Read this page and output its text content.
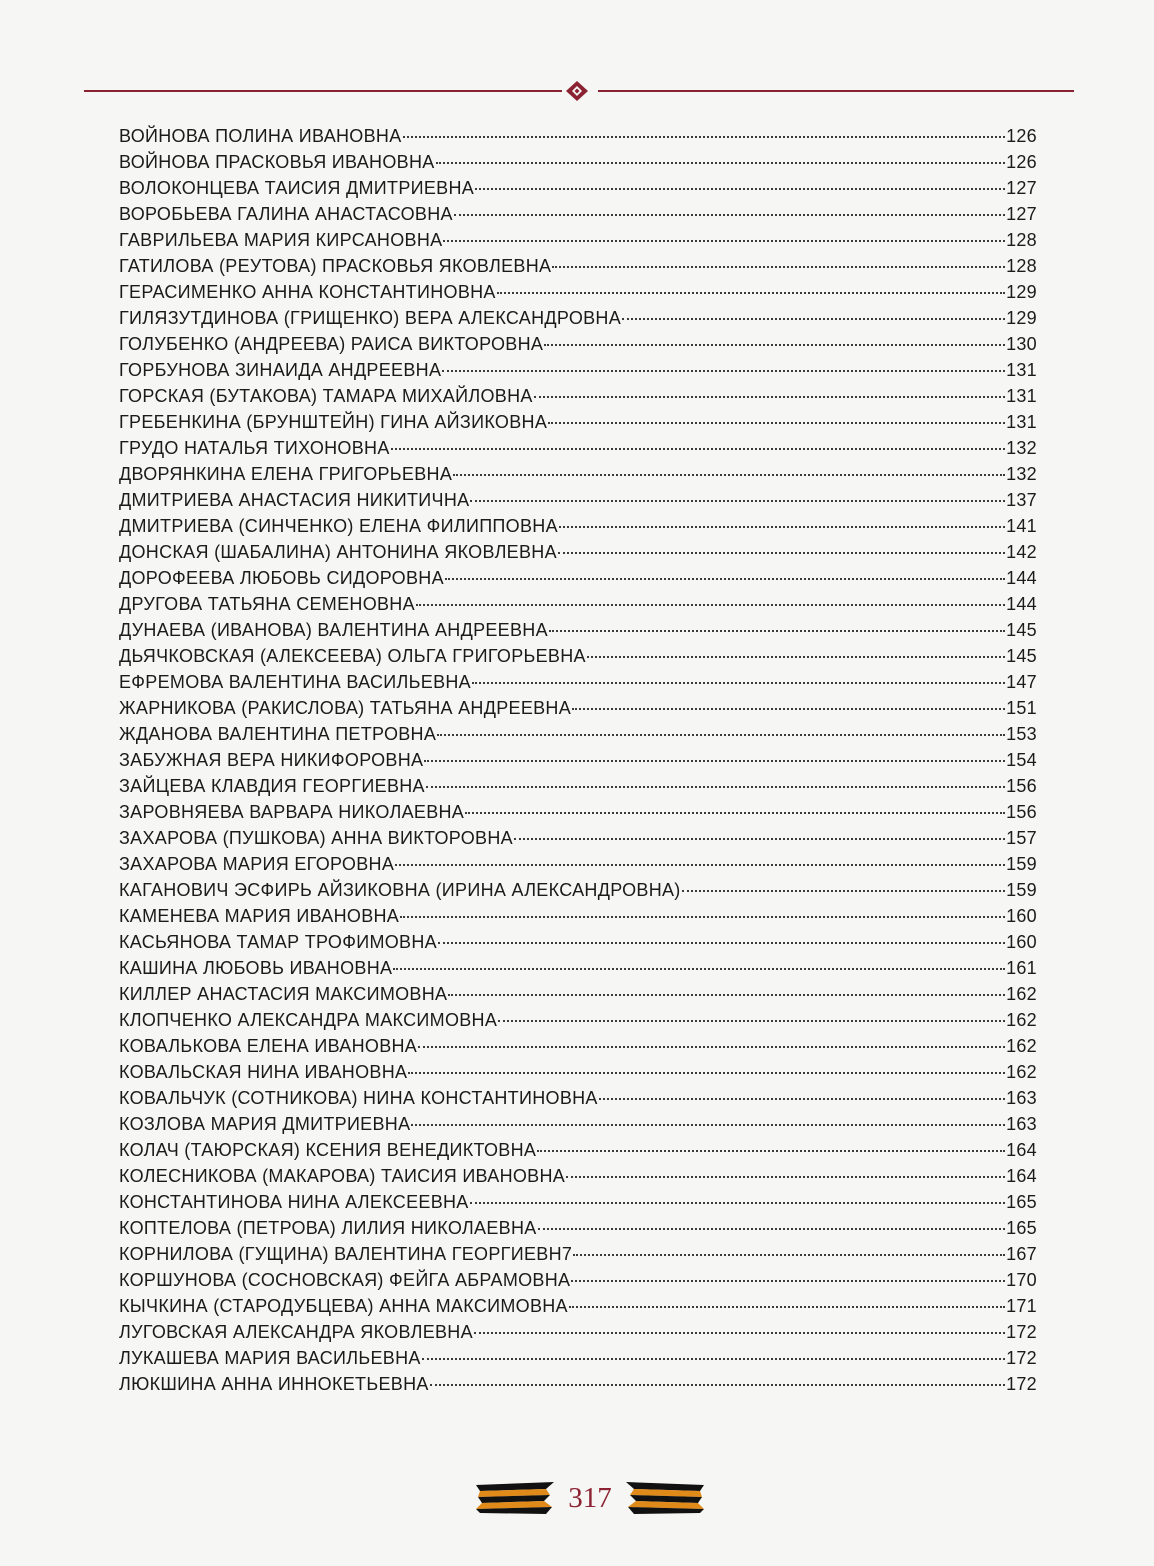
ВОЙНОВА ПОЛИНА ИВАНОВНА	126
ВОЙНОВА ПРАСКОВЬЯ ИВАНОВНА	126
ВОЛОКОНЦЕВА ТАИСИЯ ДМИТРИЕВНА	127
ВОРОБЬЕВА ГАЛИНА АНАСТАСОВНА	127
ГАВРИЛЬЕВА МАРИЯ КИРСАНОВНА	128
ГАТИЛОВА (РЕУТОВА) ПРАСКОВЬЯ ЯКОВЛЕВНА	128
ГЕРАСИМЕНКО АННА КОНСТАНТИНОВНА	129
ГИЛЯЗУТДИНОВА (ГРИЩЕНКО) ВЕРА АЛЕКСАНДРОВНА	129
ГОЛУБЕНКО (АНДРЕЕВА) РАИСА ВИКТОРОВНА	130
ГОРБУНОВА ЗИНАИДА АНДРЕЕВНА	131
ГОРСКАЯ (БУТАКОВА) ТАМАРА МИХАЙЛОВНА	131
ГРЕБЕНКИНА (БРУНШТЕЙН) ГИНА АЙЗИКОВНА	131
ГРУДО НАТАЛЬЯ ТИХОНОВНА	132
ДВОРЯНКИНА ЕЛЕНА ГРИГОРЬЕВНА	132
ДМИТРИЕВА АНАСТАСИЯ НИКИТИЧНА	137
ДМИТРИЕВА (СИНЧЕНКО) ЕЛЕНА ФИЛИППОВНА	141
ДОНСКАЯ (ШАБАЛИНА) АНТОНИНА ЯКОВЛЕВНА	142
ДОРОФЕЕВА ЛЮБОВЬ СИДОРОВНА	144
ДРУГОВА ТАТЬЯНА СЕМЕНОВНА	144
ДУНАЕВА (ИВАНОВА) ВАЛЕНТИНА АНДРЕЕВНА	145
ДЬЯЧКОВСКАЯ (АЛЕКСЕЕВА) ОЛЬГА ГРИГОРЬЕВНА	145
ЕФРЕМОВА ВАЛЕНТИНА ВАСИЛЬЕВНА	147
ЖАРНИКОВА (РАКИСЛОВА) ТАТЬЯНА АНДРЕЕВНА	151
ЖДАНОВА ВАЛЕНТИНА ПЕТРОВНА	153
ЗАБУЖНАЯ ВЕРА НИКИФОРОВНА	154
ЗАЙЦЕВА КЛАВДИЯ ГЕОРГИЕВНА	156
ЗАРОВНЯЕВА ВАРВАРА НИКОЛАЕВНА	156
ЗАХАРОВА (ПУШКОВА) АННА ВИКТОРОВНА	157
ЗАХАРОВА МАРИЯ ЕГОРОВНА	159
КАГАНОВИЧ ЭСФИРЬ АЙЗИКОВНА (ИРИНА АЛЕКСАНДРОВНА)	159
КАМЕНЕВА МАРИЯ ИВАНОВНА	160
КАСЬЯНОВА ТАМАР ТРОФИМОВНА	160
КАШИНА ЛЮБОВЬ ИВАНОВНА	161
КИЛЛЕР АНАСТАСИЯ МАКСИМОВНА	162
КЛОПЧЕНКО АЛЕКСАНДРА МАКСИМОВНА	162
КОВАЛЬКОВА ЕЛЕНА ИВАНОВНА	162
КОВАЛЬСКАЯ НИНА ИВАНОВНА	162
КОВАЛЬЧУК (СОТНИКОВА) НИНА КОНСТАНТИНОВНА	163
КОЗЛОВА МАРИЯ ДМИТРИЕВНА	163
КОЛАЧ (ТАЮРСКАЯ) КСЕНИЯ ВЕНЕДИКТОВНА	164
КОЛЕСНИКОВА (МАКАРОВА) ТАИСИЯ ИВАНОВНА	164
КОНСТАНТИНОВА НИНА АЛЕКСЕЕВНА	165
КОПТЕЛОВА (ПЕТРОВА) ЛИЛИЯ НИКОЛАЕВНА	165
КОРНИЛОВА (ГУЩИНА) ВАЛЕНТИНА ГЕОРГИЕВН7	167
КОРШУНОВА (СОСНОВСКАЯ) ФЕЙГА АБРАМОВНА	170
КЫЧКИНА (СТАРОДУБЦЕВА) АННА МАКСИМОВНА	171
ЛУГОВСКАЯ АЛЕКСАНДРА ЯКОВЛЕВНА	172
ЛУКАШЕВА МАРИЯ ВАСИЛЬЕВНА	172
ЛЮКШИНА АННА ИННОКЕТЬЕВНА	172
317
